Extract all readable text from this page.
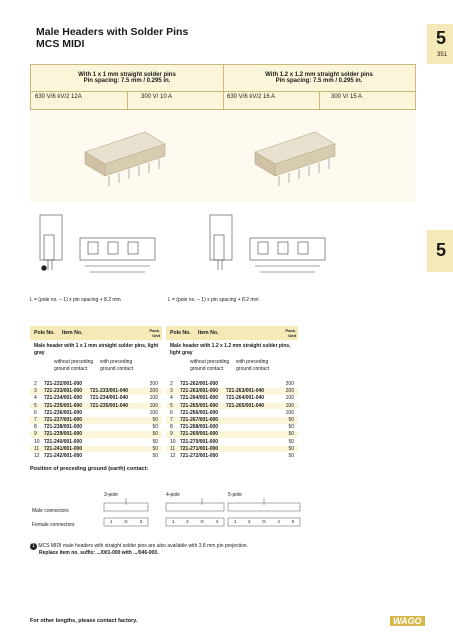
Male Headers with Solder Pins
MCS MIDI	5
351
5
With 1 x 1 mm straight solder pins
Pin spacing: 7.5 mm / 0.295 in.
With 1.2 x 1.2 mm straight solder pins
Pin spacing: 7.5 mm / 0.295 in.
630 V/6 kV/2 12A	300 V/ 10 A	630 V/6 kV/2 16 A	300 V/ 15 A
L = (pole no. – 1) x pin spacing + 8.2 mm	L = (pole no. – 1) x pin spacing + 8.2 mm
Pole No.	Item No.	Pack. Unit Pole No.	Item No.	Pack. Unit
Male header with 1 x 1 mm straight solder pins, light gray
Male header with 1.2 x 1.2 mm straight solder pins, light gray
without preceding ground contact
with preceding ground contact
without preceding ground contact
with preceding ground contact
2	721-232/001-000	200
3	721-233/001-000	721-233/001-040	200
4	721-234/001-000	721-234/001-040	100
5	721-235/001-000	721-235/001-040	100
6	721-236/001-000	100
7	721-237/001-000	50
8	721-238/001-000	50
9	721-239/001-000	50
10 721-240/001-000	50
11 721-241/001-000	50
12 721-242/001-000	50
2	721-262/001-000	200
3	721-263/001-000	721-263/001-040	200
4	721-264/001-000	721-264/001-040	100
5	721-265/001-000	721-265/001-040	100
6	721-266/001-000	100
7	721-267/001-000	50
8	721-268/001-000	50
9	721-269/001-000	50
10 721-270/001-000	50
11 721-271/001-000	50
12 721-272/001-000	50
Position of preceding ground (earth) contact:
3-pole	4-pole	5-pole
Male connectors
Female connectors
1	G	3	1	2	G	4	1	2	G	4	5
1 MCS MIDI male headers with straight solder pins are also available with 3.8 mm pin projection.
Replace item no. suffix: .../001-000 with .../046-000.
For other lengths, please contact factory.	WAGO
